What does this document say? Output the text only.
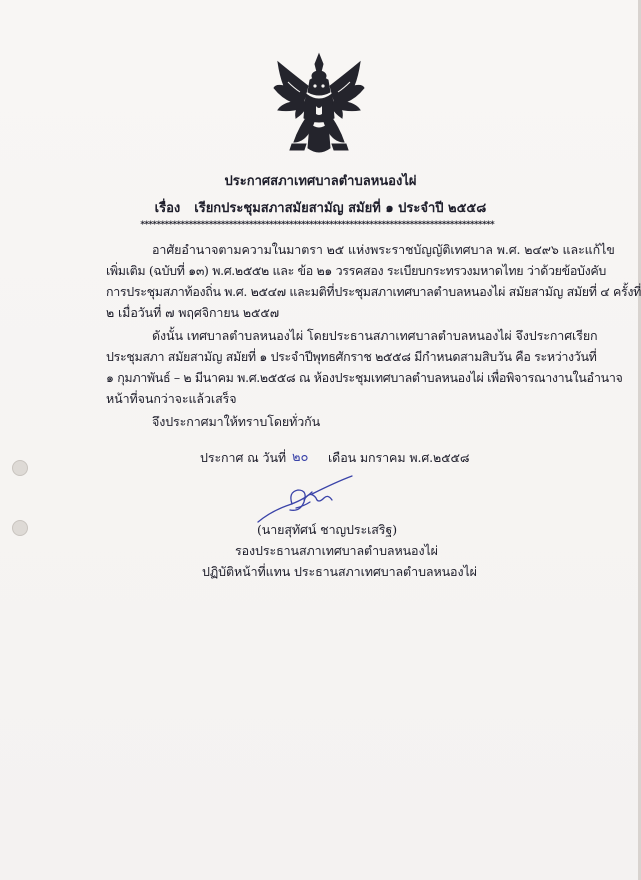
ประกาศสภาเทศบาลตำบลหนองไผ่
เรื่อง เรียกประชุมสภาสมัยสามัญ สมัยที่ ๑ ประจำปี ๒๕๕๘
****************************************************************************************
อาศัยอำนาจตามความในมาตรา ๒๕ แห่งพระราชบัญญัติเทศบาล พ.ศ. ๒๔๙๖ และแก้ไข
เพิ่มเติม (ฉบับที่ ๑๓) พ.ศ.๒๕๕๒ และ ข้อ ๒๑ วรรคสอง ระเบียบกระทรวงมหาดไทย ว่าด้วยข้อบังคับ
การประชุมสภาท้องถิ่น พ.ศ. ๒๕๔๗ และมติที่ประชุมสภาเทศบาลตำบลหนองไผ่ สมัยสามัญ สมัยที่ ๔ ครั้งที่
๒ เมื่อวันที่ ๗ พฤศจิกายน ๒๕๕๗
ดังนั้น เทศบาลตำบลหนองไผ่ โดยประธานสภาเทศบาลตำบลหนองไผ่ จึงประกาศเรียก
ประชุมสภา สมัยสามัญ สมัยที่ ๑ ประจำปีพุทธศักราช ๒๕๕๘ มีกำหนดสามสิบวัน คือ ระหว่างวันที่
๑ กุมภาพันธ์ – ๒ มีนาคม พ.ศ.๒๕๕๘ ณ ห้องประชุมเทศบาลตำบลหนองไผ่ เพื่อพิจารณางานในอำนาจ
หน้าที่จนกว่าจะแล้วเสร็จ
จึงประกาศมาให้ทราบโดยทั่วกัน
ประกาศ ณ วันที่ ๒๐ เดือน มกราคม พ.ศ.๒๕๕๘
(นายสุทัศน์ ชาญประเสริฐ)
รองประธานสภาเทศบาลตำบลหนองไผ่
ปฏิบัติหน้าที่แทน ประธานสภาเทศบาลตำบลหนองไผ่
